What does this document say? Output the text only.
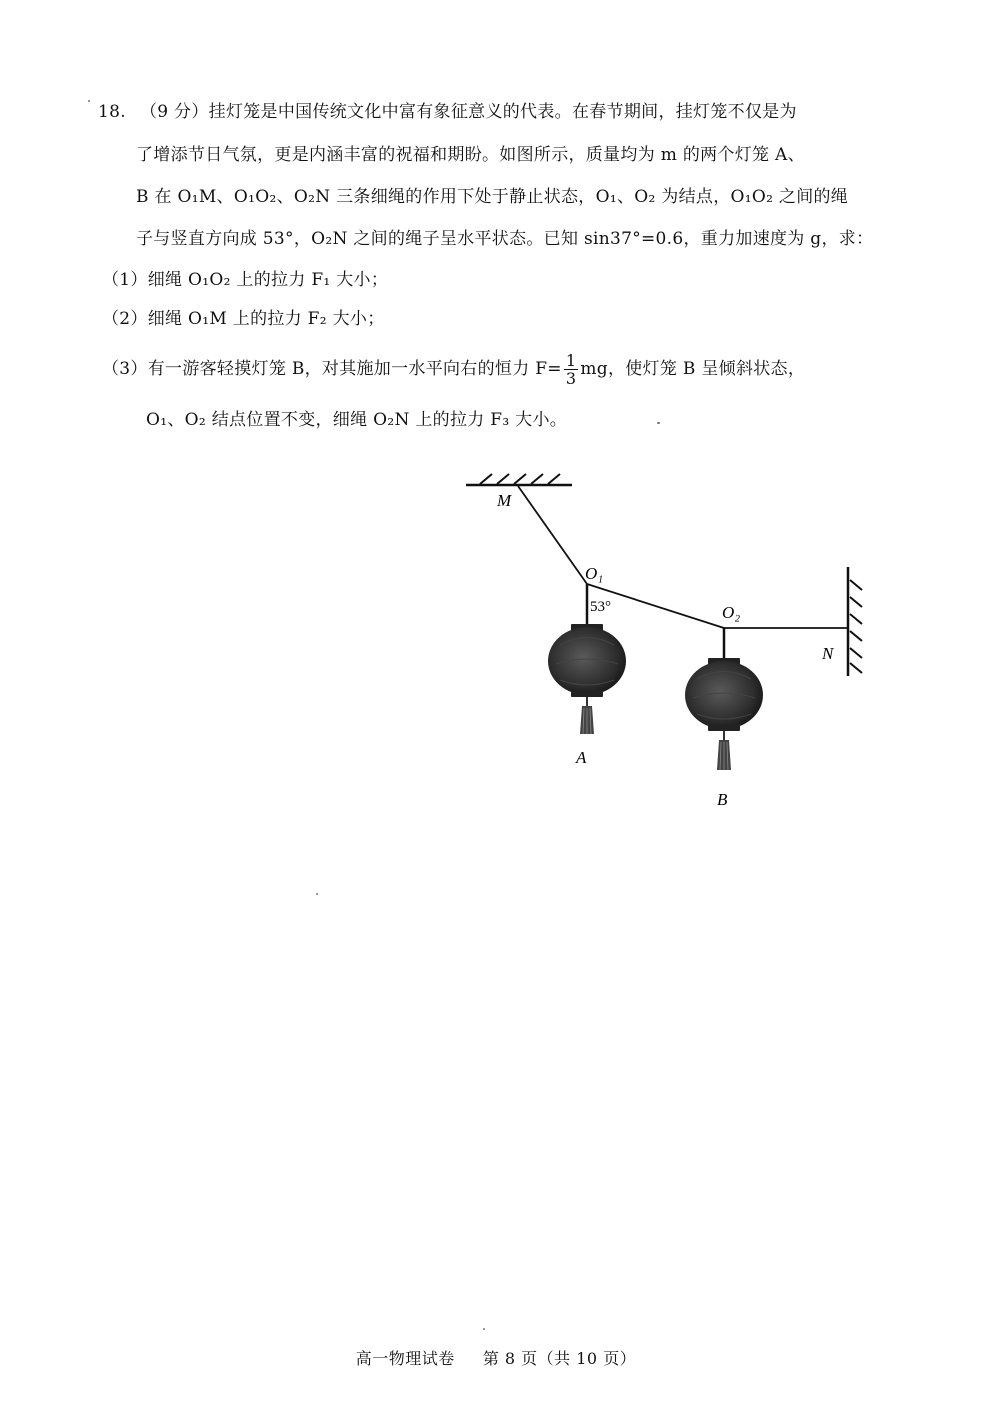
18. （9 分）挂灯笼是中国传统文化中富有象征意义的代表。在春节期间，挂灯笼不仅是为
了增添节日气氛，更是内涵丰富的祝福和期盼。如图所示，质量均为 m 的两个灯笼 A、
B 在 O₁M、O₁O₂、O₂N 三条细绳的作用下处于静止状态，O₁、O₂ 为结点，O₁O₂ 之间的绳
子与竖直方向成 53°，O₂N 之间的绳子呈水平状态。已知 sin37°=0.6，重力加速度为 g，求：
（1）细绳 O₁O₂ 上的拉力 F₁ 大小；
（2）细绳 O₁M 上的拉力 F₂ 大小；
（3）有一游客轻摸灯笼 B，对其施加一水平向右的恒力 $F= \frac{1}{3}$ mg，使灯笼 B 呈倾斜状态，
O₁、O₂ 结点位置不变，细绳 O₂N 上的拉力 F₃ 大小。
M
O₁
53°	O₂
N
A
B
高一物理试卷 第 8 页（共 10 页）
